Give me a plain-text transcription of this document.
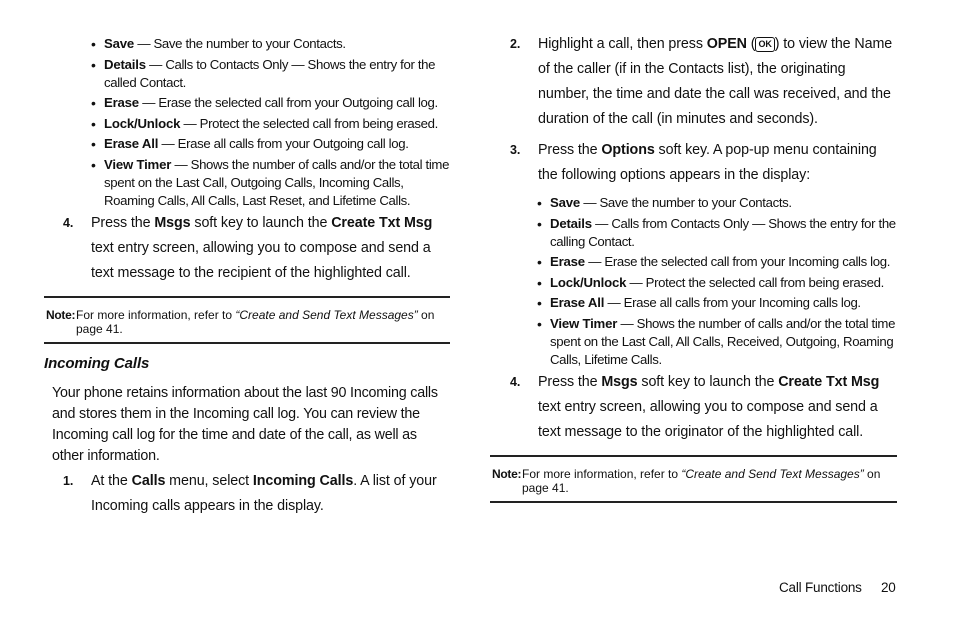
• Save — Save the number to your Contacts.
• Details — Calls to Contacts Only — Shows the entry for the called Contact.
• Erase — Erase the selected call from your Outgoing call log.
• Lock/Unlock — Protect the selected call from being erased.
• Erase All — Erase all calls from your Outgoing call log.
• View Timer — Shows the number of calls and/or the total time spent on the Last Call, Outgoing Calls, Incoming Calls, Roaming Calls, All Calls, Last Reset, and Lifetime Calls.
4. Press the Msgs soft key to launch the Create Txt Msg text entry screen, allowing you to compose and send a text message to the recipient of the highlighted call.
Note: For more information, refer to “Create and Send Text Messages” on page 41.
Incoming Calls
Your phone retains information about the last 90 Incoming calls and stores them in the Incoming call log. You can review the Incoming call log for the time and date of the call, as well as other information.
1. At the Calls menu, select Incoming Calls. A list of your Incoming calls appears in the display.
2. Highlight a call, then press OPEN ( OK ) to view the Name of the caller (if in the Contacts list), the originating number, the time and date the call was received, and the duration of the call (in minutes and seconds).
3. Press the Options soft key. A pop-up menu containing the following options appears in the display:
• Save — Save the number to your Contacts.
• Details — Calls from Contacts Only — Shows the entry for the calling Contact.
• Erase — Erase the selected call from your Incoming calls log.
• Lock/Unlock — Protect the selected call from being erased.
• Erase All — Erase all calls from your Incoming calls log.
• View Timer — Shows the number of calls and/or the total time spent on the Last Call, All Calls, Received, Outgoing, Roaming Calls, Lifetime Calls.
4. Press the Msgs soft key to launch the Create Txt Msg text entry screen, allowing you to compose and send a text message to the originator of the highlighted call.
Note: For more information, refer to “Create and Send Text Messages” on page 41.
Call Functions 20
